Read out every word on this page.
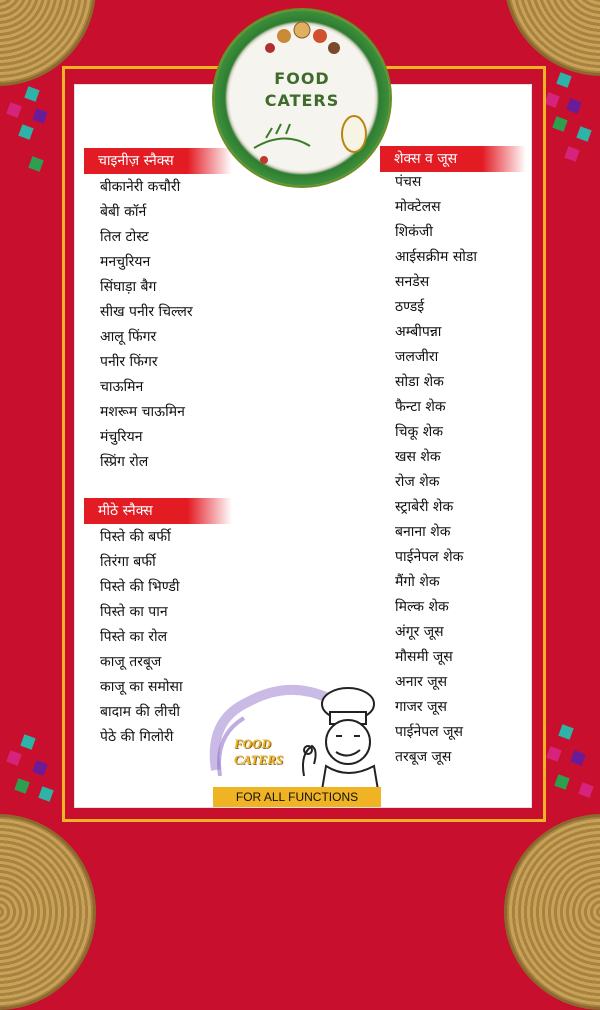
FOOD
CATERS
चाइनीज़ स्नैक्स
बीकानेरी कचौरी
बेबी कॉर्न
तिल टोस्ट
मनचुरियन
सिंघाड़ा बैग
सीख पनीर चिल्लर
आलू फिंगर
पनीर फिंगर
चाऊमिन
मशरूम चाऊमिन
मंचुरियन
स्प्रिंग रोल
मीठे स्नैक्स
पिस्ते की बर्फी
तिरंगा बर्फी
पिस्ते की भिण्डी
पिस्ते का पान
पिस्ते का रोल
काजू तरबूज
काजू का समोसा
बादाम की लीची
पेठे की गिलोरी
शेक्स व जूस
पंचस
मोक्टेलस
शिकंजी
आईसक्रीम सोडा
सनडेस
ठण्डई
अम्बीपन्ना
जलजीरा
सोडा शेक
फैन्टा शेक
चिकू शेक
खस शेक
रोज शेक
स्ट्राबेरी शेक
बनाना शेक
पाईनेपल शेक
मैंगो शेक
मिल्क शेक
अंगूर जूस
मौसमी जूस
अनार जूस
गाजर जूस
पाईनेपल जूस
तरबूज जूस
FOOD
CATERS
FOR ALL FUNCTIONS
